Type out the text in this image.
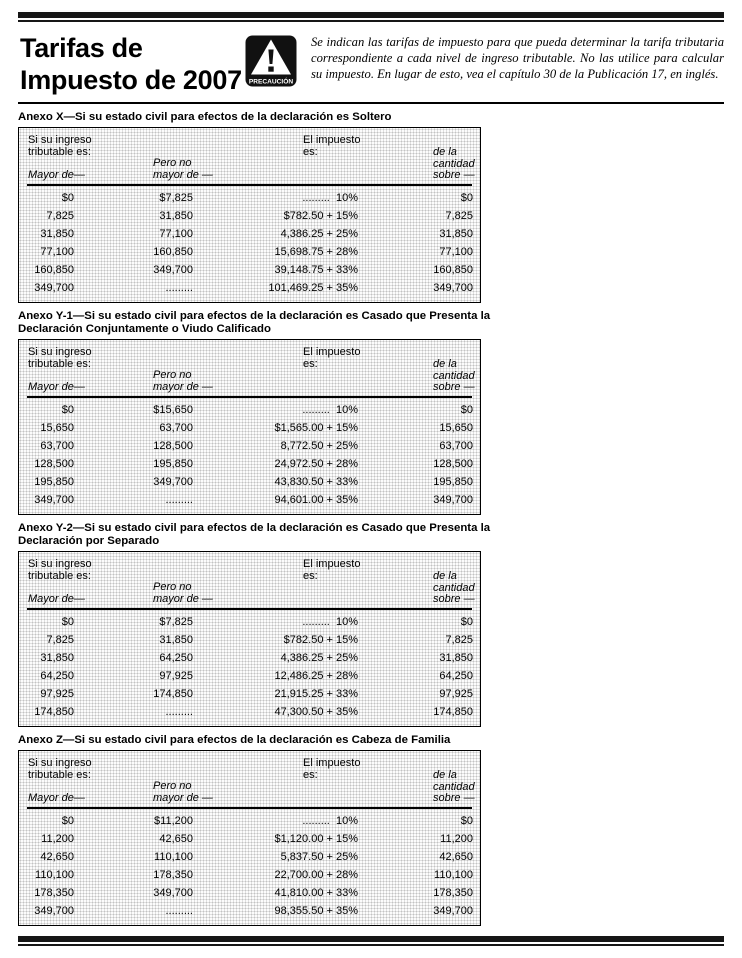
Tarifas de Impuesto de 2007	PRECAUCIÓN

Se indican las tarifas de impuesto para que pueda determinar la tarifa tributaria correspondiente a cada nivel de ingreso tributable. No las utilice para calcular su impuesto. En lugar de esto, vea el capítulo 30 de la Publicación 17, en inglés.

Anexo X—Si su estado civil para efectos de la declaración es Soltero
Si su ingreso tributable es:
El impuesto es:
Mayor de—
Pero no mayor de —
de la cantidad sobre —
$0	$7,825	.........  10%	$0
7,825	31,850	$782.50 + 15%	7,825
31,850	77,100	4,386.25 + 25%	31,850
77,100	160,850	15,698.75 + 28%	77,100
160,850	349,700	39,148.75 + 33%	160,850
349,700	.........	101,469.25 + 35%	349,700
Anexo Y-1—Si su estado civil para efectos de la declaración es Casado que Presenta la Declaración Conjuntamente o Viudo Calificado
Si su ingreso tributable es:
El impuesto es:
Mayor de—
Pero no mayor de —
de la cantidad sobre —
$0	$15,650	.........  10%	$0
15,650	63,700	$1,565.00 + 15%	15,650
63,700	128,500	8,772.50 + 25%	63,700
128,500	195,850	24,972.50 + 28%	128,500
195,850	349,700	43,830.50 + 33%	195,850
349,700	.........	94,601.00 + 35%	349,700
Anexo Y-2—Si su estado civil para efectos de la declaración es Casado que Presenta la Declaración por Separado
Si su ingreso tributable es:
El impuesto es:
Mayor de—
Pero no mayor de —
de la cantidad sobre —
$0	$7,825	.........  10%	$0
7,825	31,850	$782.50 + 15%	7,825
31,850	64,250	4,386.25 + 25%	31,850
64,250	97,925	12,486.25 + 28%	64,250
97,925	174,850	21,915.25 + 33%	97,925
174,850	.........	47,300.50 + 35%	174,850
Anexo Z—Si su estado civil para efectos de la declaración es Cabeza de Familia
Si su ingreso tributable es:
El impuesto es:
Mayor de—
Pero no mayor de —
de la cantidad sobre —
$0	$11,200	.........  10%	$0
11,200	42,650	$1,120.00 + 15%	11,200
42,650	110,100	5,837.50 + 25%	42,650
110,100	178,350	22,700.00 + 28%	110,100
178,350	349,700	41,810.00 + 33%	178,350
349,700	.........	98,355.50 + 35%	349,700
